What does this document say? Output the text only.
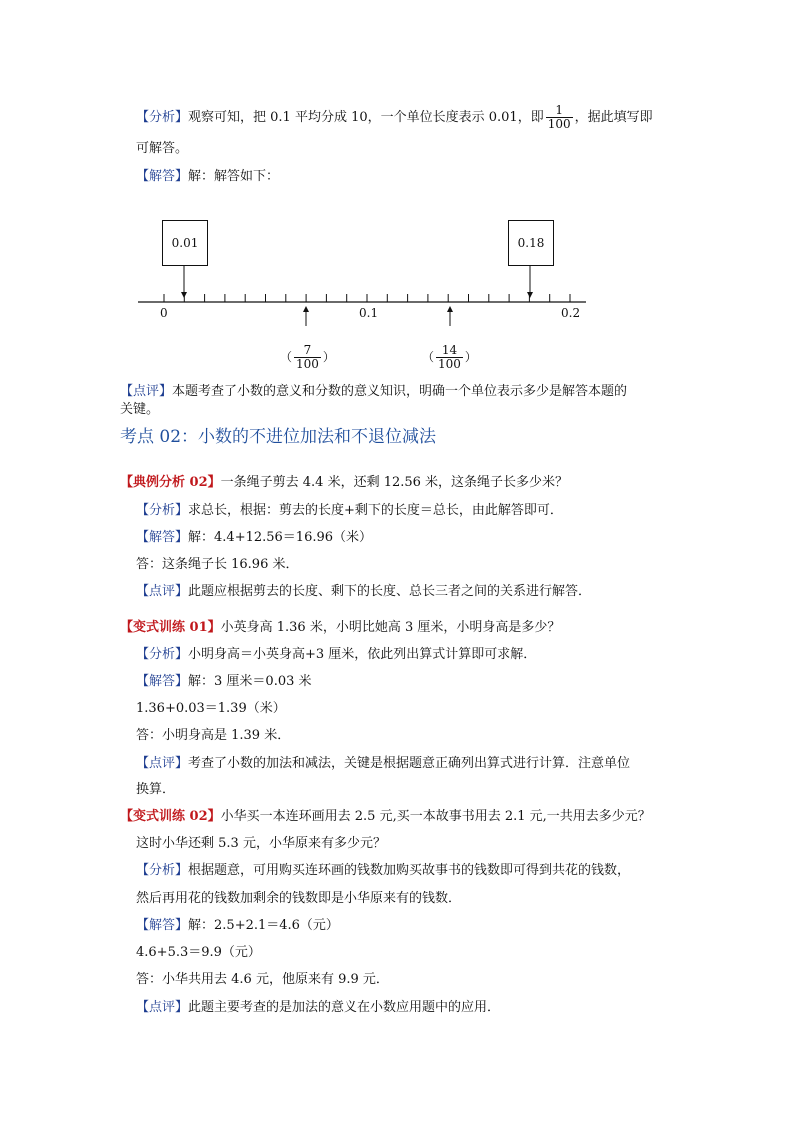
【分析】观察可知，把 0.1 平均分成 10，一个单位长度表示 0.01，即 $\frac{1}{100}$ ，据此填写即
可解答。
【解答】解：解答如下：
0.01	0.18
0	0.1	0.2
（ $\frac{7}{100}$ ）	（ $\frac{14}{100}$ ）
【点评】本题考查了小数的意义和分数的意义知识，明确一个单位表示多少是解答本题的
关键。
考点 02：小数的不进位加法和不退位减法
【典例分析 02】一条绳子剪去 4.4 米，还剩 12.56 米，这条绳子长多少米？
【分析】求总长，根据：剪去的长度+剩下的长度＝总长，由此解答即可．
【解答】解：4.4+12.56＝16.96（米）
答：这条绳子长 16.96 米．
【点评】此题应根据剪去的长度、剩下的长度、总长三者之间的关系进行解答．
【变式训练 01】小英身高 1.36 米，小明比她高 3 厘米，小明身高是多少？
【分析】小明身高＝小英身高+3 厘米，依此列出算式计算即可求解．
【解答】解：3 厘米＝0.03 米
1.36+0.03＝1.39（米）
答：小明身高是 1.39 米．
【点评】考查了小数的加法和减法，关键是根据题意正确列出算式进行计算．注意单位
换算．
【变式训练 02】小华买一本连环画用去 2.5 元,买一本故事书用去 2.1 元,一共用去多少元？
这时小华还剩 5.3 元，小华原来有多少元？
【分析】根据题意，可用购买连环画的钱数加购买故事书的钱数即可得到共花的钱数，
然后再用花的钱数加剩余的钱数即是小华原来有的钱数．
【解答】解：2.5+2.1＝4.6（元）
4.6+5.3＝9.9（元）
答：小华共用去 4.6 元，他原来有 9.9 元．
【点评】此题主要考查的是加法的意义在小数应用题中的应用．
